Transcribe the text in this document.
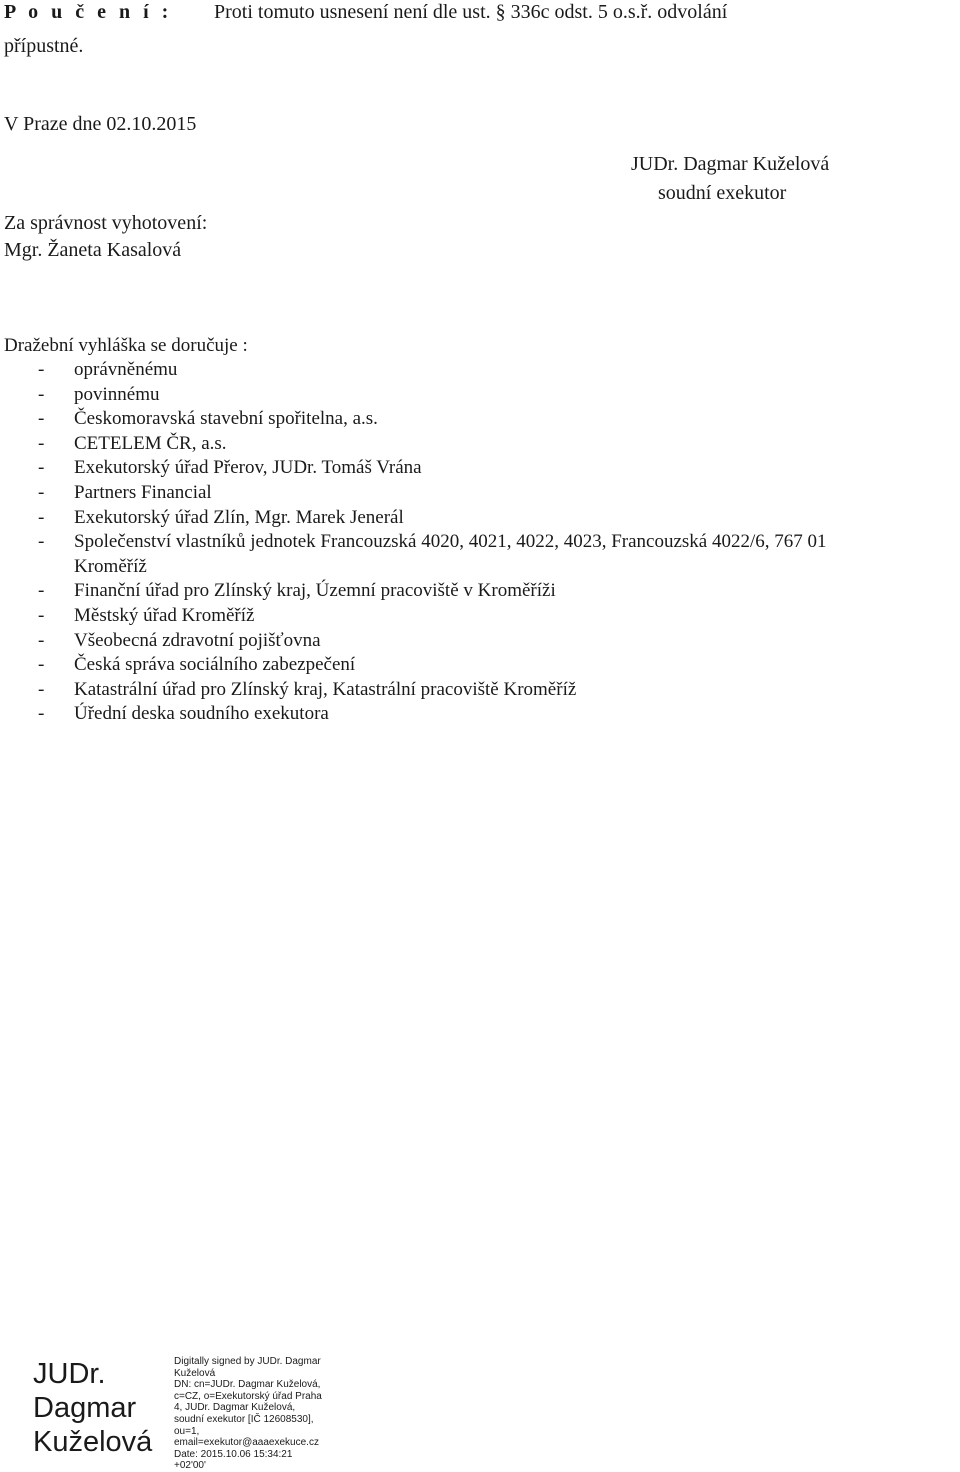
P o u č e n í : Proti tomuto usnesení není dle ust. § 336c odst. 5 o.s.ř. odvolání
přípustné.
V Praze dne 02.10.2015
JUDr. Dagmar Kuželová
soudní exekutor
Za správnost vyhotovení:
Mgr. Žaneta Kasalová
Dražební vyhláška se doručuje :
- oprávněnému
- povinnému
- Českomoravská stavební spořitelna, a.s.
- CETELEM ČR, a.s.
- Exekutorský úřad Přerov, JUDr. Tomáš Vrána
- Partners Financial
- Exekutorský úřad Zlín, Mgr. Marek Jenerál
- Společenství vlastníků jednotek Francouzská 4020, 4021, 4022, 4023, Francouzská 4022/6, 767 01
Kroměříž
- Finanční úřad pro Zlínský kraj, Územní pracoviště v Kroměříži
- Městský úřad Kroměříž
- Všeobecná zdravotní pojišťovna
- Česká správa sociálního zabezpečení
- Katastrální úřad pro Zlínský kraj, Katastrální pracoviště Kroměříž
- Úřední deska soudního exekutora
JUDr.
Dagmar
Kuželová
Digitally signed by JUDr. Dagmar
Kuželová
DN: cn=JUDr. Dagmar Kuželová,
c=CZ, o=Exekutorský úřad Praha
4, JUDr. Dagmar Kuželová,
soudní exekutor [IČ 12608530],
ou=1,
email=exekutor@aaaexekuce.cz
Date: 2015.10.06 15:34:21
+02'00'
